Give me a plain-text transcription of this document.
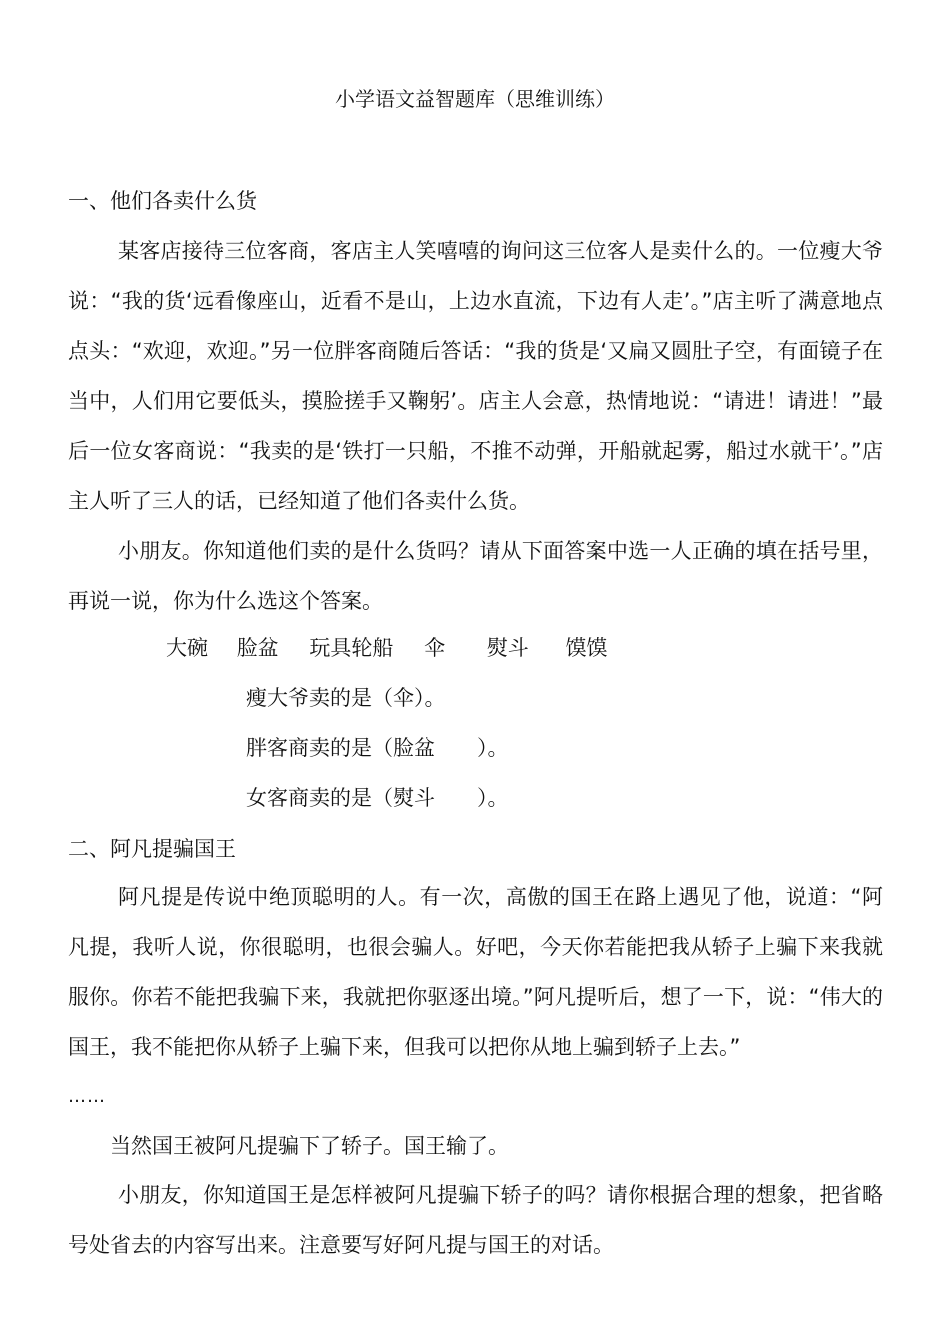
小学语文益智题库（思维训练）
一、他们各卖什么货
某客店接待三位客商，客店主人笑嘻嘻的询问这三位客人是卖什么的。一位瘦大爷说：“我的货‘远看像座山，近看不是山，上边水直流，下边有人走’。”店主听了满意地点点头：“欢迎，欢迎。”另一位胖客商随后答话：“我的货是‘又扁又圆肚子空，有面镜子在当中，人们用它要低头，摸脸搓手又鞠躬’。店主人会意，热情地说：“请进！请进！”最后一位女客商说：“我卖的是‘铁打一只船，不推不动弹，开船就起雾，船过水就干’。”店主人听了三人的话，已经知道了他们各卖什么货。
小朋友。你知道他们卖的是什么货吗？请从下面答案中选一人正确的填在括号里，再说一说，你为什么选这个答案。
大碗 脸盆 玩具轮船 伞 熨斗 馍馍
瘦大爷卖的是（伞）。
胖客商卖的是（脸盆　　）。
女客商卖的是（熨斗　　）。
二、阿凡提骗国王
阿凡提是传说中绝顶聪明的人。有一次，高傲的国王在路上遇见了他，说道：“阿凡提，我听人说，你很聪明，也很会骗人。好吧，今天你若能把我从轿子上骗下来我就服你。你若不能把我骗下来，我就把你驱逐出境。”阿凡提听后，想了一下，说：“伟大的国王，我不能把你从轿子上骗下来，但我可以把你从地上骗到轿子上去。”
……
当然国王被阿凡提骗下了轿子。国王输了。
小朋友，你知道国王是怎样被阿凡提骗下轿子的吗？请你根据合理的想象，把省略号处省去的内容写出来。注意要写好阿凡提与国王的对话。
